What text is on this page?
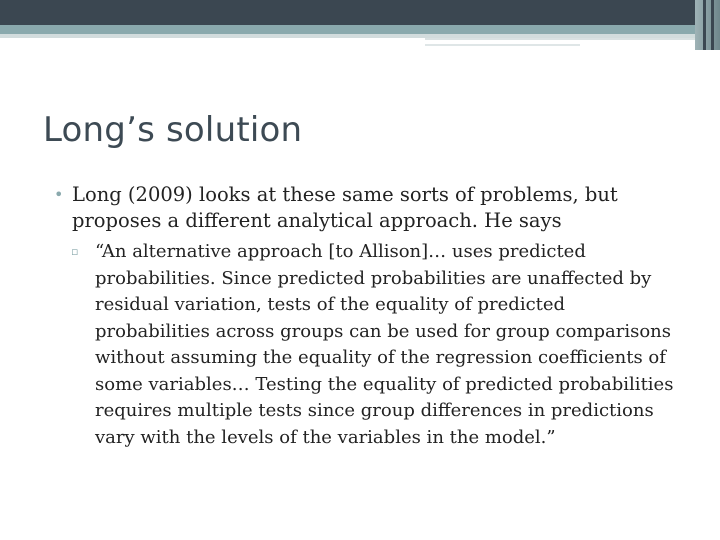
Long’s solution
• Long (2009) looks at these same sorts of problems, but proposes a different analytical approach. He says
▫ “An alternative approach [to Allison]… uses predicted probabilities. Since predicted probabilities are unaffected by residual variation, tests of the equality of predicted probabilities across groups can be used for group comparisons without assuming the equality of the regression coefficients of some variables… Testing the equality of predicted probabilities requires multiple tests since group differences in predictions vary with the levels of the variables in the model.”
